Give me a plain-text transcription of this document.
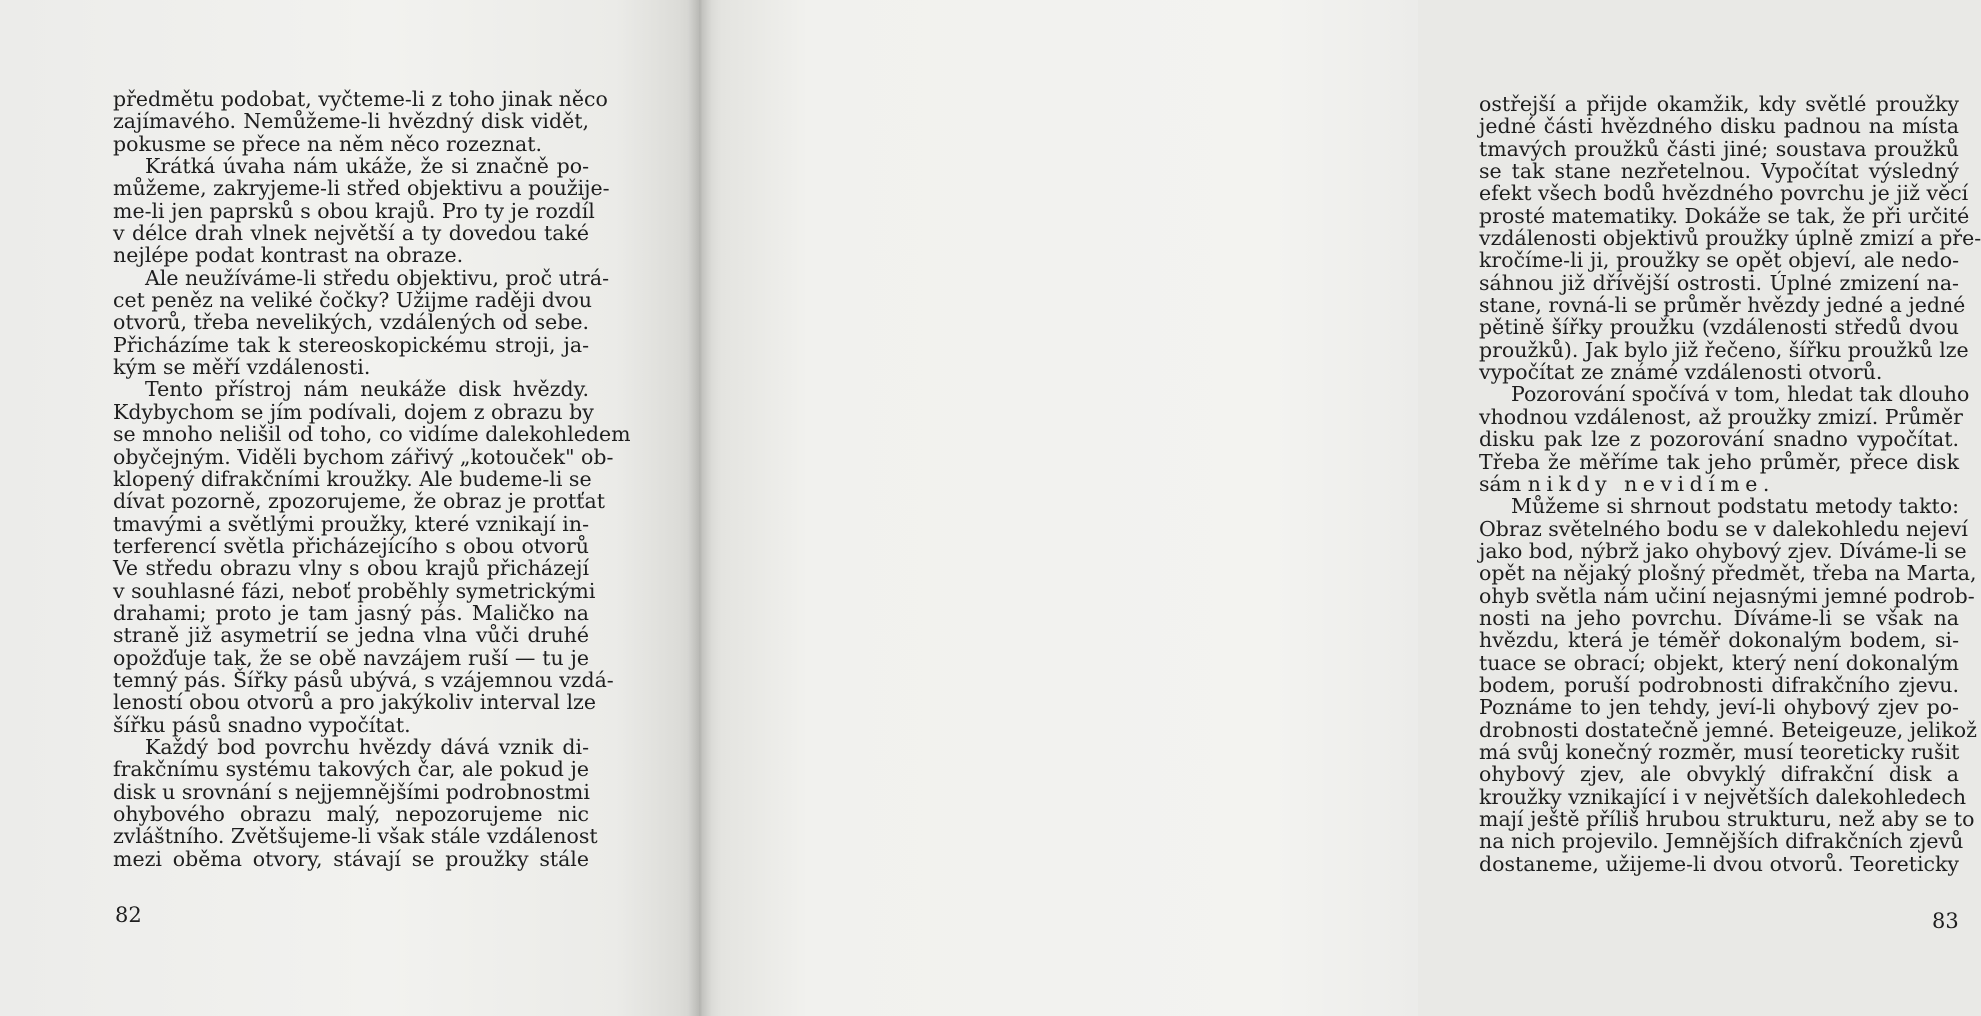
předmětu podobat, vyčteme-li z toho jinak něco
zajímavého. Nemůžeme-li hvězdný disk vidět,
pokusme se přece na něm něco rozeznat.
Krátká úvaha nám ukáže, že si značně po-
můžeme, zakryjeme-li střed objektivu a použije-
me-li jen paprsků s obou krajů. Pro ty je rozdíl
v délce drah vlnek největší a ty dovedou také
nejlépe podat kontrast na obraze.
Ale neužíváme-li středu objektivu, proč utrá-
cet peněz na veliké čočky? Užijme raději dvou
otvorů, třeba nevelikých, vzdálených od sebe.
Přicházíme tak k stereoskopickému stroji, ja-
kým se měří vzdálenosti.
Tento přístroj nám neukáže disk hvězdy.
Kdybychom se jím podívali, dojem z obrazu by
se mnoho nelišil od toho, co vidíme dalekohledem
obyčejným. Viděli bychom zářivý „kotouček" ob-
klopený difrakčními kroužky. Ale budeme-li se
dívat pozorně, zpozorujeme, že obraz je protťat
tmavými a světlými proužky, které vznikají in-
terferencí světla přicházejícího s obou otvorů
Ve středu obrazu vlny s obou krajů přicházejí
v souhlasné fázi, neboť proběhly symetrickými
drahami; proto je tam jasný pás. Maličko na
straně již asymetrií se jedna vlna vůči druhé
opožďuje tak, že se obě navzájem ruší — tu je
temný pás. Šířky pásů ubývá, s vzájemnou vzdá-
leností obou otvorů a pro jakýkoliv interval lze
šířku pásů snadno vypočítat.
Každý bod povrchu hvězdy dává vznik di-
frakčnímu systému takových čar, ale pokud je
disk u srovnání s nejjemnějšími podrobnostmi
ohybového obrazu malý, nepozorujeme nic
zvláštního. Zvětšujeme-li však stále vzdálenost
mezi oběma otvory, stávají se proužky stále
82
ostřejší a přijde okamžik, kdy světlé proužky
jedné části hvězdného disku padnou na místa
tmavých proužků části jiné; soustava proužků
se tak stane nezřetelnou. Vypočítat výsledný
efekt všech bodů hvězdného povrchu je již věcí
prosté matematiky. Dokáže se tak, že při určité
vzdálenosti objektivů proužky úplně zmizí a pře-
kročíme-li ji, proužky se opět objeví, ale nedo-
sáhnou již dřívější ostrosti. Úplné zmizení na-
stane, rovná-li se průměr hvězdy jedné a jedné
pětině šířky proužku (vzdálenosti středů dvou
proužků). Jak bylo již řečeno, šířku proužků lze
vypočítat ze známé vzdálenosti otvorů.
Pozorování spočívá v tom, hledat tak dlouho
vhodnou vzdálenost, až proužky zmizí. Průměr
disku pak lze z pozorování snadno vypočítat.
Třeba že měříme tak jeho průměr, přece disk
sám nikdy nevidíme.
Můžeme si shrnout podstatu metody takto:
Obraz světelného bodu se v dalekohledu nejeví
jako bod, nýbrž jako ohybový zjev. Díváme-li se
opět na nějaký plošný předmět, třeba na Marta,
ohyb světla nám učiní nejasnými jemné podrob-
nosti na jeho povrchu. Díváme-li se však na
hvězdu, která je téměř dokonalým bodem, si-
tuace se obrací; objekt, který není dokonalým
bodem, poruší podrobnosti difrakčního zjevu.
Poznáme to jen tehdy, jeví-li ohybový zjev po-
drobnosti dostatečně jemné. Beteigeuze, jelikož
má svůj konečný rozměr, musí teoreticky rušit
ohybový zjev, ale obvyklý difrakční disk a
kroužky vznikající i v největších dalekohledech
mají ještě příliš hrubou strukturu, než aby se to
na nich projevilo. Jemnějších difrakčních zjevů
dostaneme, užijeme-li dvou otvorů. Teoreticky
83
